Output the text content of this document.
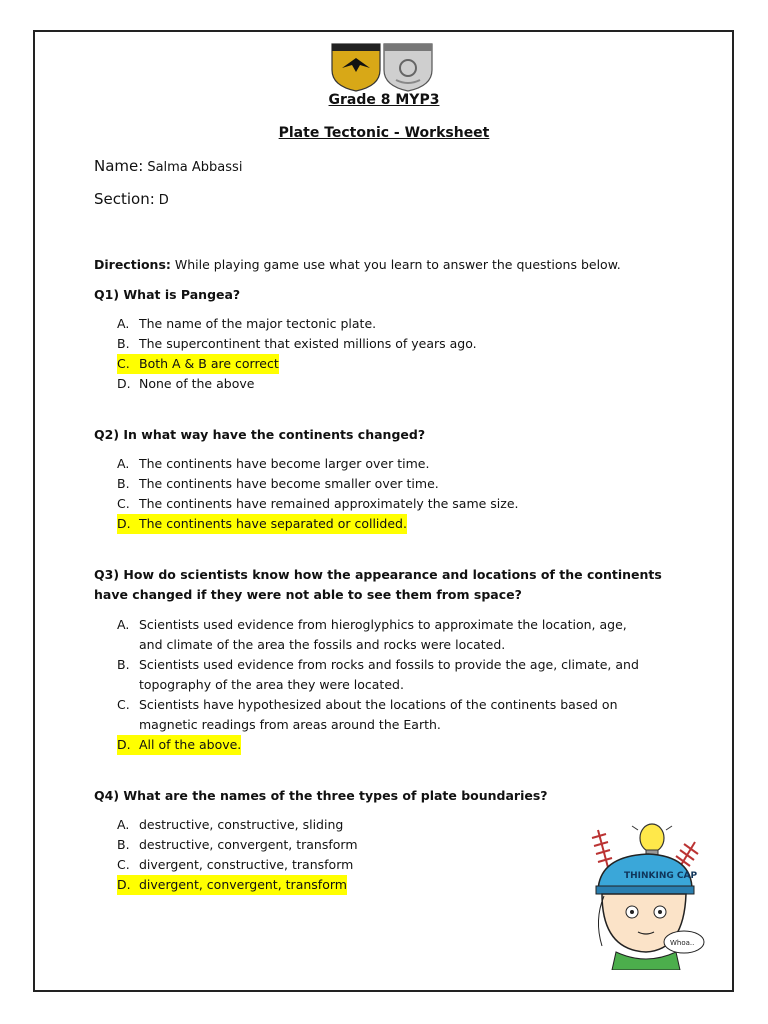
Grade 8 MYP3
Plate Tectonic - Worksheet
Name: Salma Abbassi
Section: D
Directions: While playing game use what you learn to answer the questions below.
Q1) What is Pangea?
A. The name of the major tectonic plate.
B. The supercontinent that existed millions of years ago.
C. Both A & B are correct
D. None of the above
Q2) In what way have the continents changed?
A. The continents have become larger over time.
B. The continents have become smaller over time.
C. The continents have remained approximately the same size.
D. The continents have separated or collided.
Q3) How do scientists know how the appearance and locations of the continents
have changed if they were not able to see them from space?
A. Scientists used evidence from hieroglyphics to approximate the location, age,
and climate of the area the fossils and rocks were located.
B. Scientists used evidence from rocks and fossils to provide the age, climate, and
topography of the area they were located.
C. Scientists have hypothesized about the locations of the continents based on
magnetic readings from areas around the Earth.
D. All of the above.
Q4) What are the names of the three types of plate boundaries?
A. destructive, constructive, sliding
B. destructive, convergent, transform
C. divergent, constructive, transform
D. divergent, convergent, transform
THINKING CAP
Whoa..
